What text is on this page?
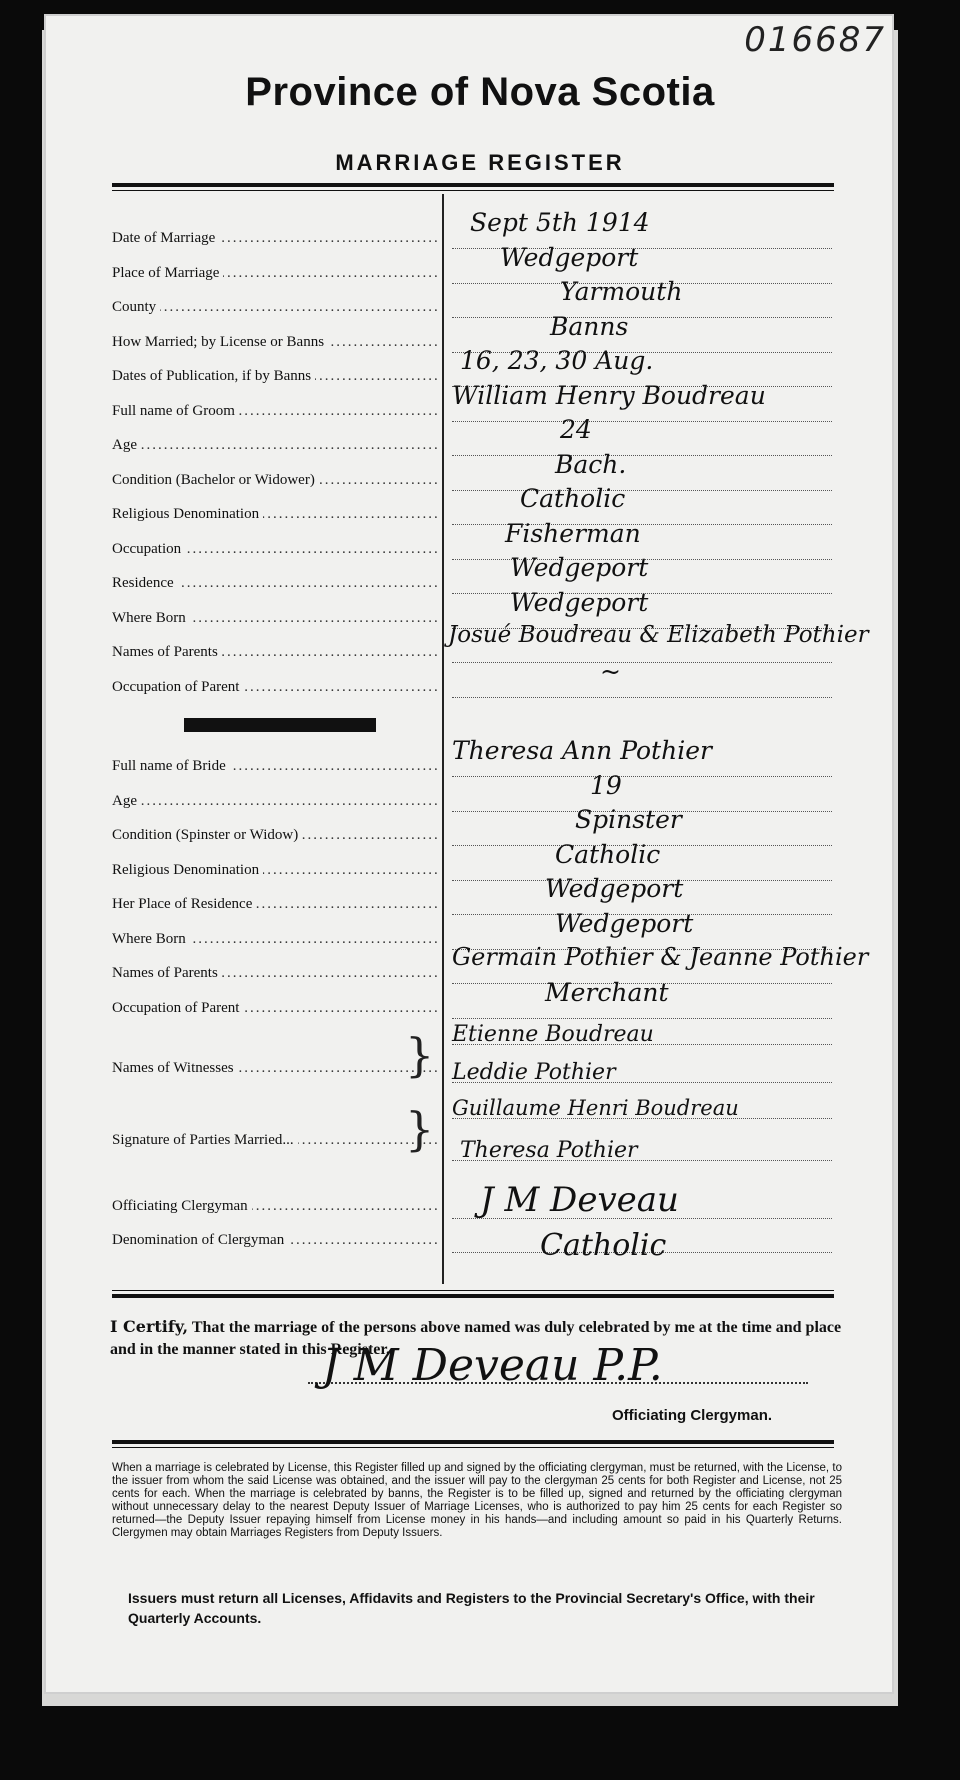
016687
Province of Nova Scotia
MARRIAGE REGISTER
Date of Marriage .....
Sept 5th 1914
Place of Marriage .....
Wedgeport
County .....
Yarmouth
How Married; by License or Banns .....
Banns
Dates of Publication, if by Banns .....
16, 23, 30 Aug.
Full name of Groom .....
William Henry Boudreau
Age .....
24
Condition (Bachelor or Widower) .....
Bach.
Religious Denomination .....
Catholic
Occupation .....
Fisherman
Residence .....
Wedgeport
Where Born .....
Wedgeport
Names of Parents .....
Josué Boudreau & Elizabeth Pothier
Occupation of Parent .....
~
Full name of Bride .....
Theresa Ann Pothier
Age .....
19
Condition (Spinster or Widow) .....
Spinster
Religious Denomination .....
Catholic
Her Place of Residence .....
Wedgeport
Where Born .....
Wedgeport
Names of Parents .....
Germain Pothier & Jeanne Pothier
Occupation of Parent .....
Merchant
Names of Witnesses .....	} Etienne Boudreau
Leddie Pothier
Signature of Parties Married... .....	} Guillaume Henri Boudreau
Theresa Pothier
Officiating Clergyman .....	J M Deveau
Denomination of Clergyman .....	Catholic
I Certify, That the marriage of the persons above named was duly celebrated by me at the time and place and in the manner stated in this Register.
J M Deveau P.P.
Officiating Clergyman.
When a marriage is celebrated by License, this Register filled up and signed by the officiating clergyman, must be returned, with the License, to the issuer from whom the said License was obtained, and the issuer will pay to the clergyman 25 cents for both Register and License, not 25 cents for each. When the marriage is celebrated by banns, the Register is to be filled up, signed and returned by the officiating clergyman without unnecessary delay to the nearest Deputy Issuer of Marriage Licenses, who is authorized to pay him 25 cents for each Register so returned—the Deputy Issuer repaying himself from License money in his hands—and including amount so paid in his Quarterly Returns. Clergymen may obtain Marriages Registers from Deputy Issuers.
Issuers must return all Licenses, Affidavits and Registers to the Provincial Secretary's Office, with their Quarterly Accounts.
